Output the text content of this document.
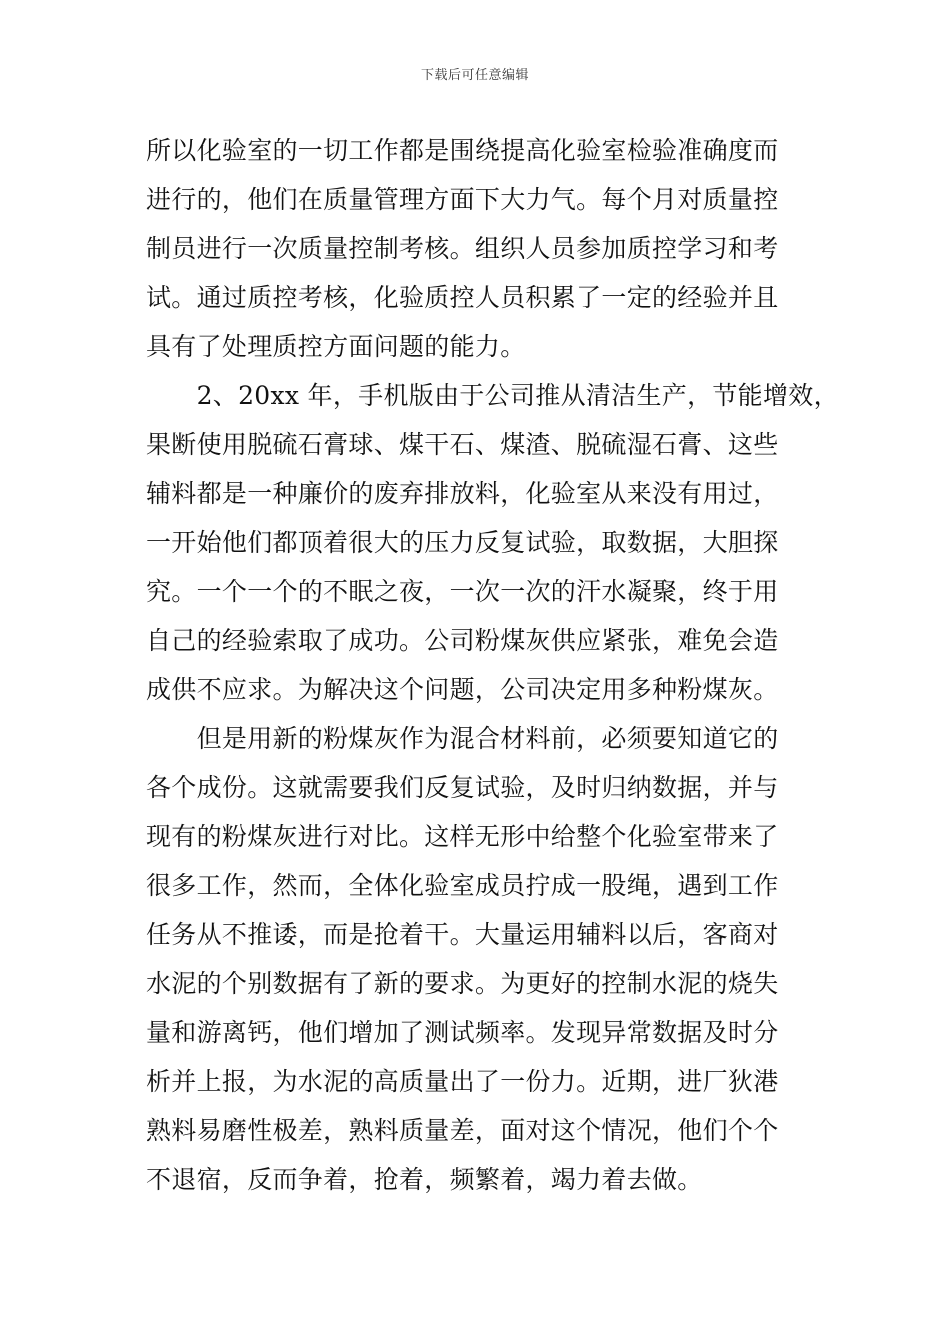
下载后可任意编辑
所以化验室的一切工作都是围绕提高化验室检验准确度而
进行的，他们在质量管理方面下大力气。每个月对质量控
制员进行一次质量控制考核。组织人员参加质控学习和考
试。通过质控考核，化验质控人员积累了一定的经验并且
具有了处理质控方面问题的能力。
　　2、20xx 年，手机版由于公司推从清洁生产，节能增效，
果断使用脱硫石膏球、煤干石、煤渣、脱硫湿石膏、这些
辅料都是一种廉价的废弃排放料，化验室从来没有用过，
一开始他们都顶着很大的压力反复试验，取数据，大胆探
究。一个一个的不眠之夜，一次一次的汗水凝聚，终于用
自己的经验索取了成功。公司粉煤灰供应紧张，难免会造
成供不应求。为解决这个问题，公司决定用多种粉煤灰。
　　但是用新的粉煤灰作为混合材料前，必须要知道它的
各个成份。这就需要我们反复试验，及时归纳数据，并与
现有的粉煤灰进行对比。这样无形中给整个化验室带来了
很多工作，然而，全体化验室成员拧成一股绳，遇到工作
任务从不推诿，而是抢着干。大量运用辅料以后，客商对
水泥的个别数据有了新的要求。为更好的控制水泥的烧失
量和游离钙，他们增加了测试频率。发现异常数据及时分
析并上报，为水泥的高质量出了一份力。近期，进厂狄港
熟料易磨性极差，熟料质量差，面对这个情况，他们个个
不退宿，反而争着，抢着，频繁着，竭力着去做。
